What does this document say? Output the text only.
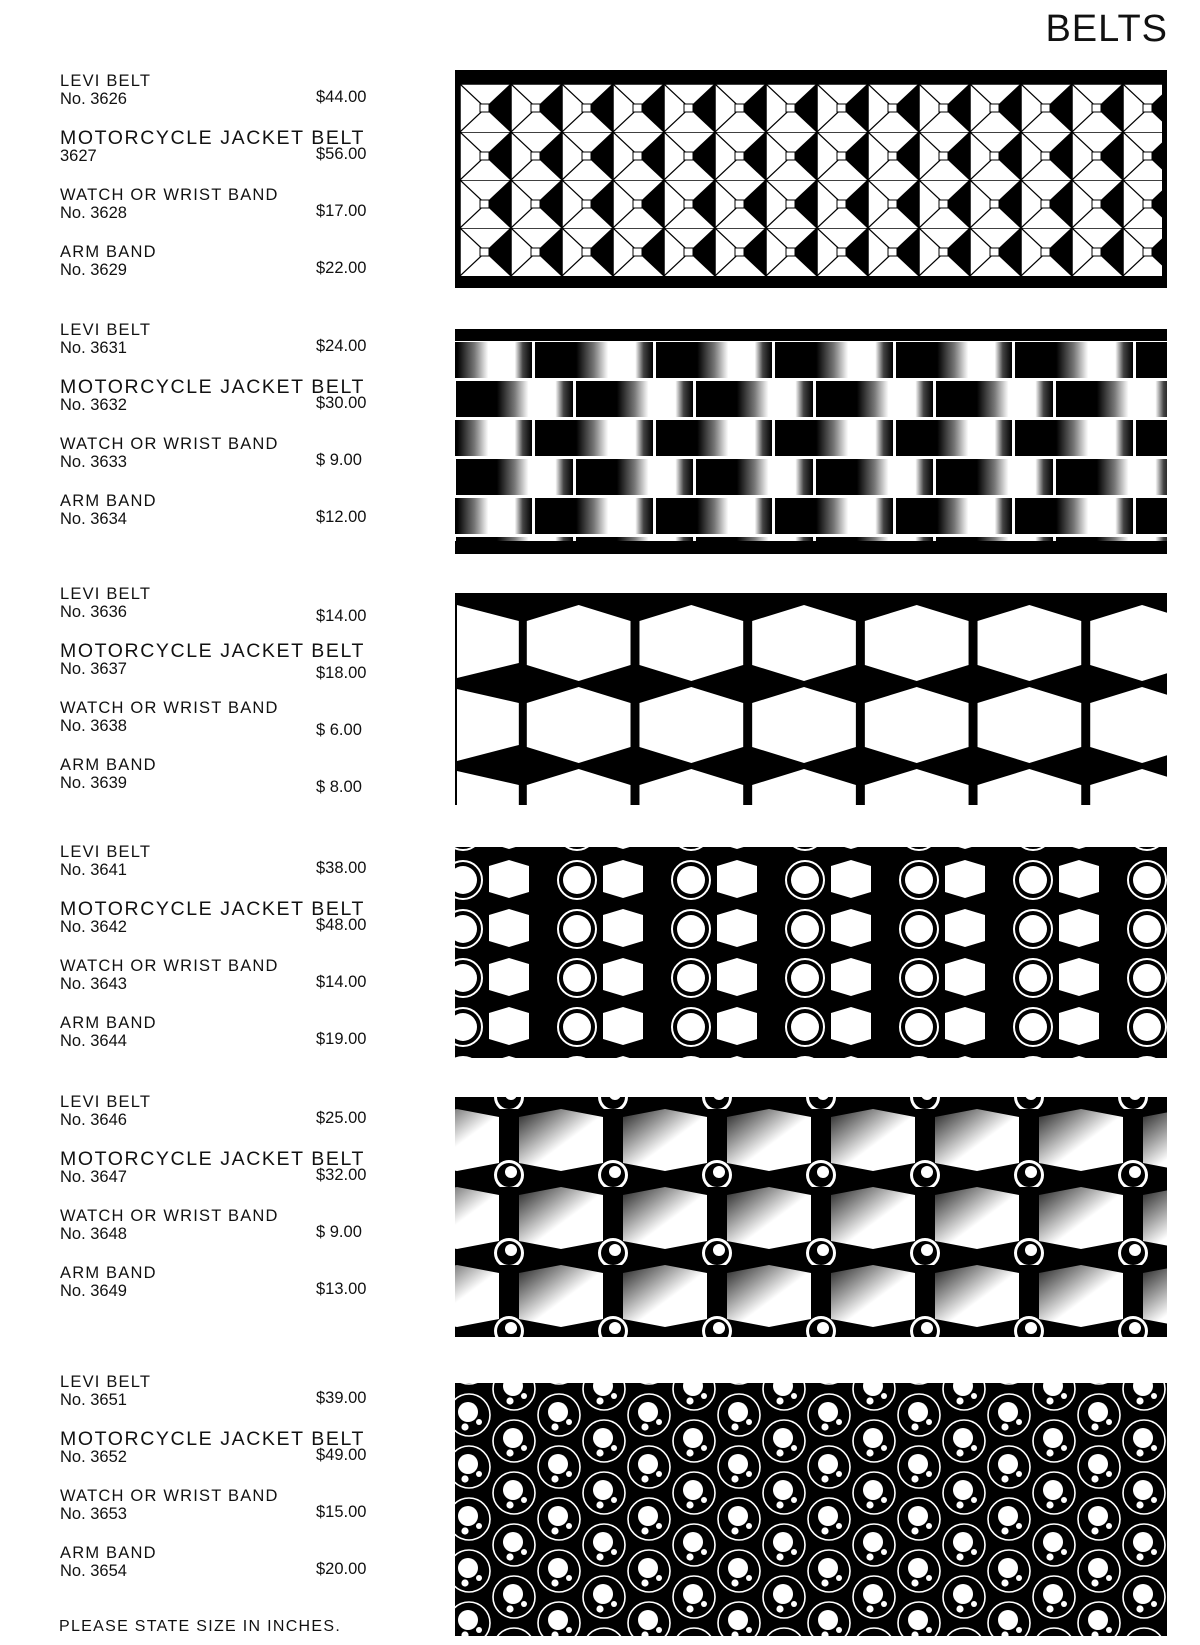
BELTS
LEVI BELT
No. 3626	$44.00
MOTORCYCLE JACKET BELT
3627	$56.00
WATCH OR WRIST BAND
No. 3628	$17.00
ARM BAND
No. 3629	$22.00
LEVI BELT
No. 3631	$24.00
MOTORCYCLE JACKET BELT
No. 3632	$30.00
WATCH OR WRIST BAND
No. 3633	$ 9.00
ARM BAND
No. 3634	$12.00
LEVI BELT
No. 3636	$14.00
MOTORCYCLE JACKET BELT
No. 3637	$18.00
WATCH OR WRIST BAND
No. 3638	$ 6.00
ARM BAND
No. 3639	$ 8.00
LEVI BELT
No. 3641	$38.00
MOTORCYCLE JACKET BELT
No. 3642	$48.00
WATCH OR WRIST BAND
No. 3643	$14.00
ARM BAND
No. 3644	$19.00
LEVI BELT
No. 3646	$25.00
MOTORCYCLE JACKET BELT
No. 3647	$32.00
WATCH OR WRIST BAND
No. 3648	$ 9.00
ARM BAND
No. 3649	$13.00
LEVI BELT
No. 3651	$39.00
MOTORCYCLE JACKET BELT
No. 3652	$49.00
WATCH OR WRIST BAND
No. 3653	$15.00
ARM BAND
No. 3654	$20.00
PLEASE STATE SIZE IN INCHES.
